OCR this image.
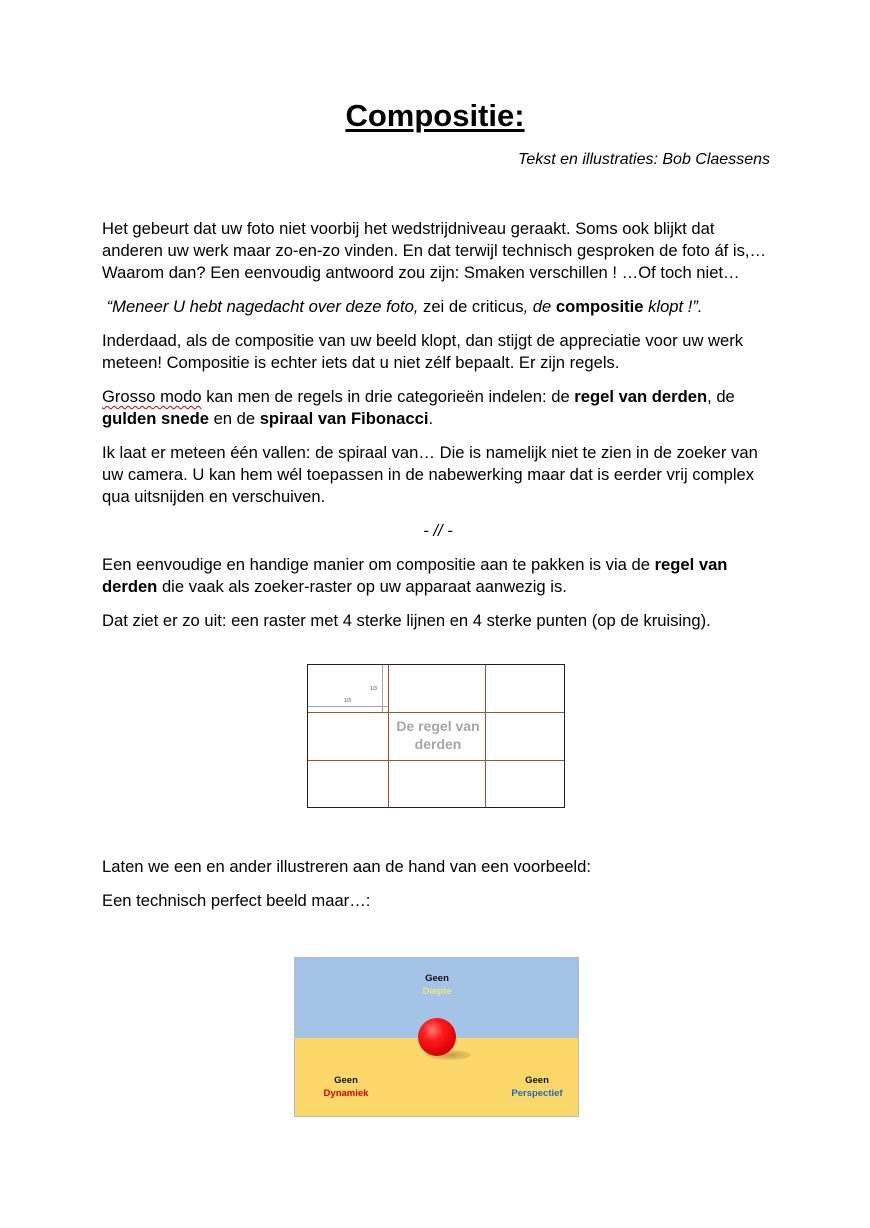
Compositie:
Tekst en illustraties: Bob Claessens

Het gebeurt dat uw foto niet voorbij het wedstrijdniveau geraakt. Soms ook blijkt dat anderen uw werk maar zo-en-zo vinden. En dat terwijl technisch gesproken de foto áf is,…Waarom dan? Een eenvoudig antwoord zou zijn: Smaken verschillen ! …Of toch niet…

“Meneer U hebt nagedacht over deze foto, zei de criticus, de compositie klopt !”.

Inderdaad, als de compositie van uw beeld klopt, dan stijgt de appreciatie voor uw werk meteen! Compositie is echter iets dat u niet zélf bepaalt. Er zijn regels.

Grosso modo kan men de regels in drie categorieën indelen: de regel van derden, de gulden snede en de spiraal van Fibonacci.

Ik laat er meteen één vallen: de spiraal van… Die is namelijk niet te zien in de zoeker van uw camera. U kan hem wél toepassen in de nabewerking maar dat is eerder vrij complex qua uitsnijden en verschuiven.

- // -

Een eenvoudige en handige manier om compositie aan te pakken is via de regel van derden die vaak als zoeker-raster op uw apparaat aanwezig is.

Dat ziet er zo uit: een raster met 4 sterke lijnen en 4 sterke punten (op de kruising).

1/3
1/3
De regel van derden

Laten we een en ander illustreren aan de hand van een voorbeeld:

Een technisch perfect beeld maar…:

Geen
Diepte
Geen
Dynamiek
Geen
Perspectief
